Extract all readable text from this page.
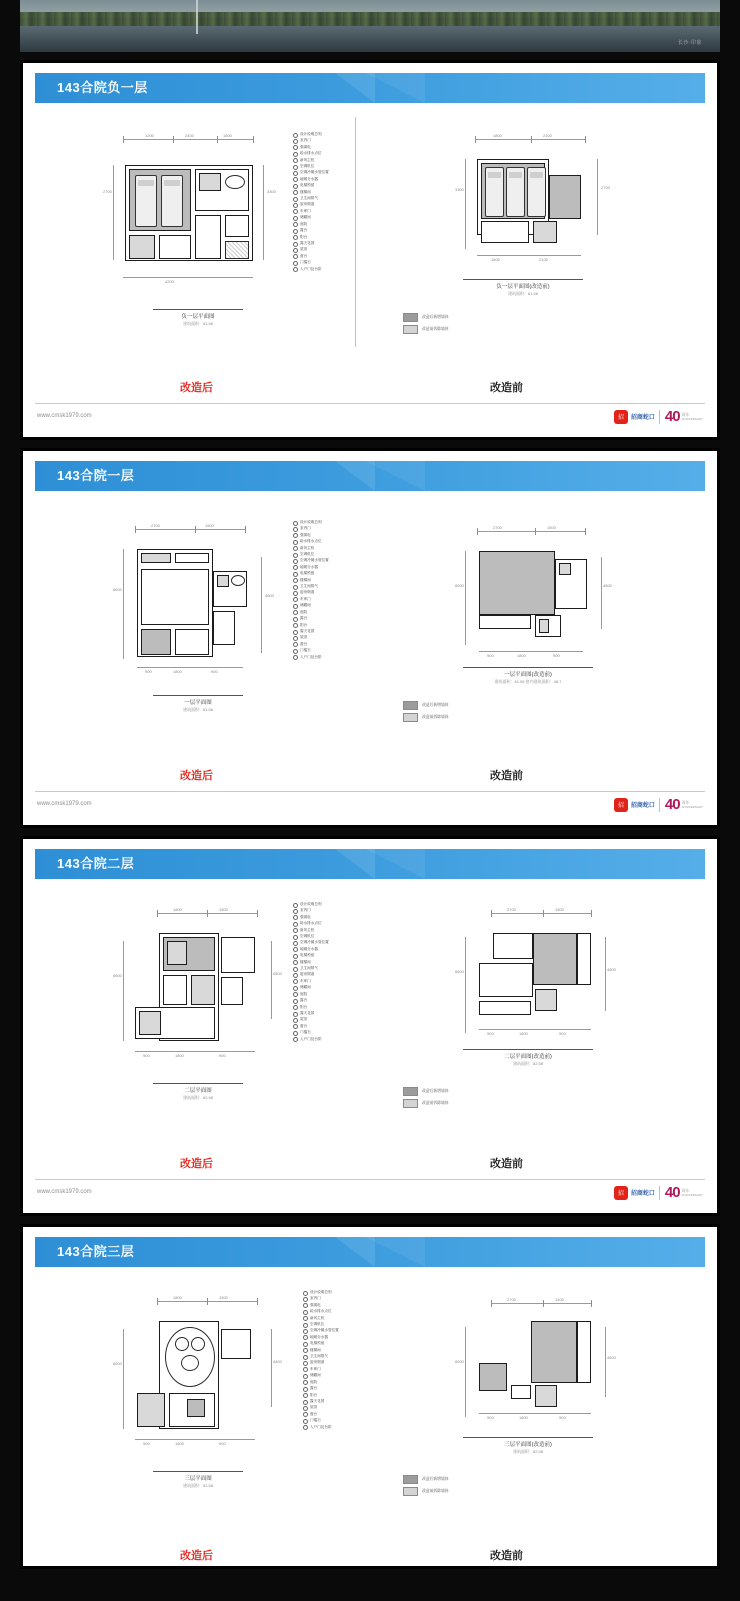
长沙·印象
143合院负一层
1200	2400	1500
2700	3300
4200
负一层平面图
建筑面积：61.56
设计说明总则
室内门
强弱电
给水排水点位
新风主机
空调机位
空调冷凝水管位置
地暖分水器
电梯预留
楼梯间
卫生间排气
厨房烟道
车库门
储藏间
庭院
露台
阳台
露天花园
屋顶
窗台
门槛石
入户门及台阶
1800	2100
3300	2700
1800	2100
负一层平面图(改造前)
建筑面积：61.56
改造后新增墙体
改造前拆除墙体
改造后	改造前
www.cmsk1979.com	招	招商蛇口 40 周年
ANNIVERSARY
143合院一层
2700	1500
6600
4800
900	1800	900
一层平面图
建筑面积：61.56
设计说明总则
室内门
强弱电
给水排水点位
新风主机
空调机位
空调冷凝水管位置
地暖分水器
电梯预留
楼梯间
卫生间排气
厨房烟道
车库门
储藏间
庭院
露台
阳台
露天花园
屋顶
窗台
门槛石
入户门及台阶
2700	1500
6600	4800
900	1800	900
一层平面图(改造前)
建筑面积：61.56 套内建筑面积：48.7
改造后新增墙体
改造前拆除墙体
改造后	改造前
www.cmsk1979.com	招	招商蛇口 40 周年
ANNIVERSARY
143合院二层
1800	1500
6600	4800
900	1800	900
二层平面图
建筑面积：62.58
设计说明总则
室内门
强弱电
给水排水点位
新风主机
空调机位
空调冷凝水管位置
地暖分水器
电梯预留
楼梯间
卫生间排气
厨房烟道
车库门
储藏间
庭院
露台
阳台
露天花园
屋顶
窗台
门槛石
入户门及台阶
2700	1500
6600	4800
900	1800	900
二层平面图(改造前)
建筑面积：62.58
改造后新增墙体
改造前拆除墙体
改造后	改造前
www.cmsk1979.com	招	招商蛇口 40 周年
ANNIVERSARY
143合院三层
1800	1500
6600	4800
900	1800	900
三层平面图
建筑面积：62.58
设计说明总则
室内门
强弱电
给水排水点位
新风主机
空调机位
空调冷凝水管位置
地暖分水器
电梯预留
楼梯间
卫生间排气
厨房烟道
车库门
储藏间
庭院
露台
阳台
露天花园
屋顶
窗台
门槛石
入户门及台阶
2700	1500
6600
4800
900	1800	900
三层平面图(改造前)
建筑面积：62.58
改造后新增墙体
改造前拆除墙体
改造后	改造前
